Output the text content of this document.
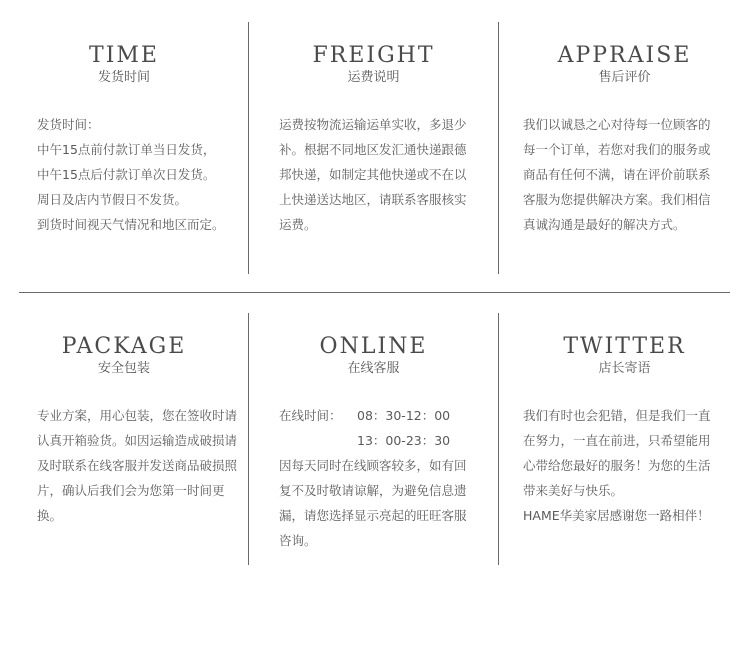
TIME
发货时间

发货时间：

中午15点前付款订单当日发货，

中午15点后付款订单次日发货。

周日及店内节假日不发货。

到货时间视天气情况和地区而定。

FREIGHT
运费说明

运费按物流运输运单实收，多退少补。根据不同地区发汇通快递跟德邦快递，如制定其他快递或不在以上快递送达地区，请联系客服核实运费。

APPRAISE
售后评价

我们以诚恳之心对待每一位顾客的每一个订单，若您对我们的服务或商品有任何不满，请在评价前联系客服为您提供解决方案。我们相信真诚沟通是最好的解决方式。

PACKAGE
安全包装

专业方案，用心包装，您在签收时请认真开箱验货。如因运输造成破损请及时联系在线客服并发送商品破损照片，确认后我们会为您第一时间更换。

ONLINE
在线客服

在线时间： 08：30-12：00

13：00-23：30

因每天同时在线顾客较多，如有回复不及时敬请谅解，为避免信息遗漏，请您选择显示亮起的旺旺客服咨询。

TWITTER
店长寄语

我们有时也会犯错，但是我们一直在努力，一直在前进，只希望能用心带给您最好的服务！为您的生活带来美好与快乐。

HAME华美家居感谢您一路相伴！
